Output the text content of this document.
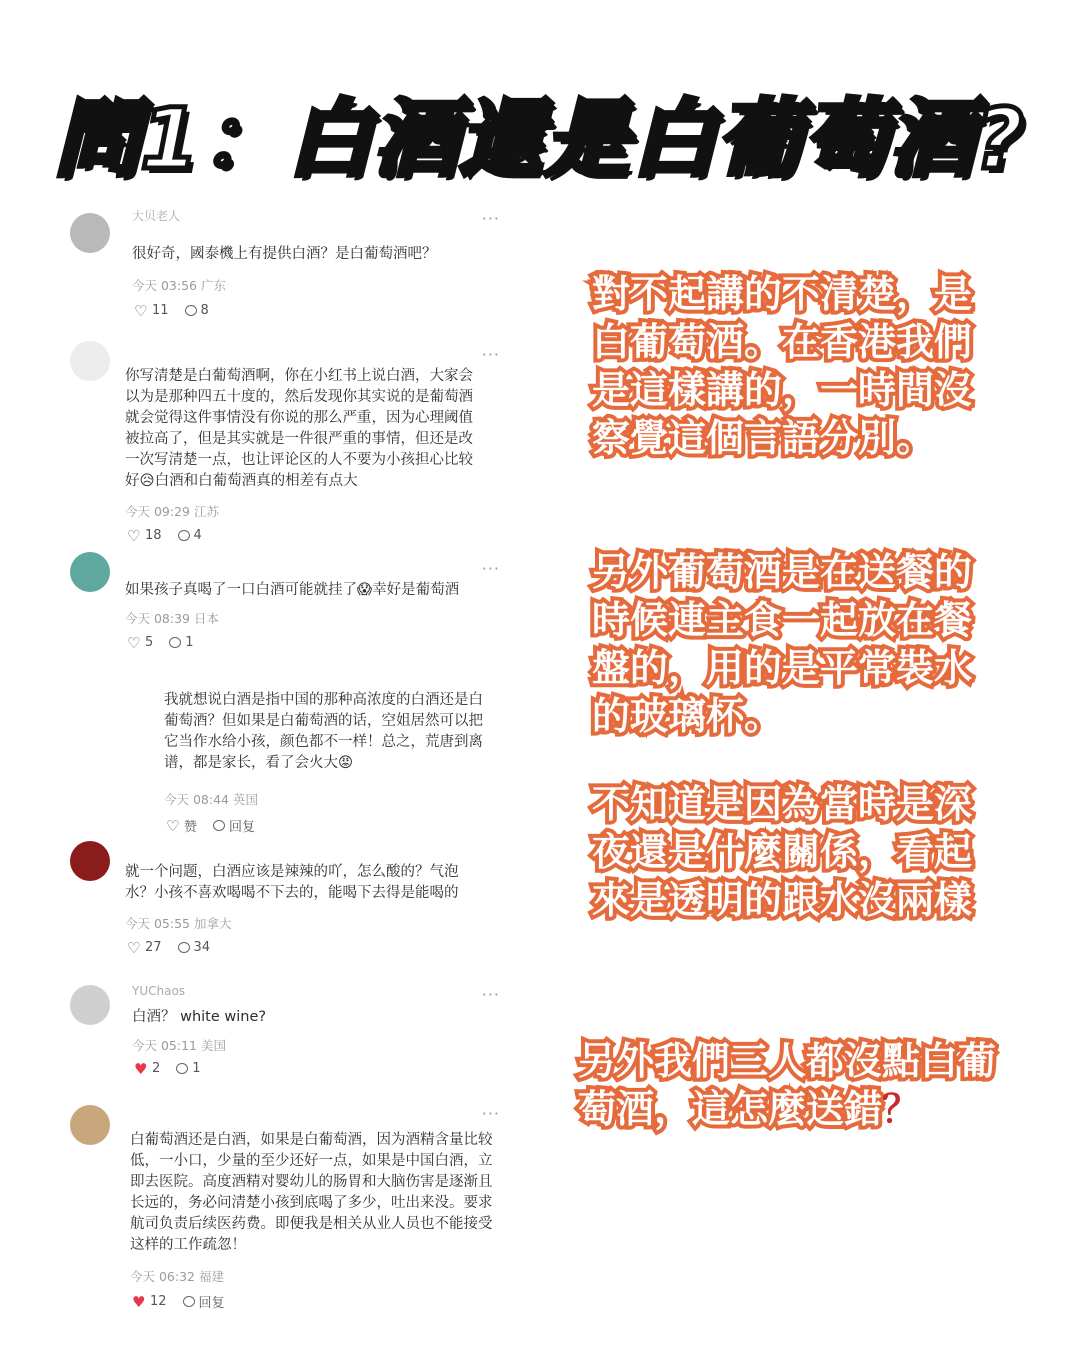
問1：白酒還是白葡萄酒?
大贝老人	···
很好奇，國泰機上有提供白酒？是白葡萄酒吧？
今天 03:56 广东
♡ 11 8
···
你写清楚是白葡萄酒啊，你在小红书上说白酒，大家会以为是那种四五十度的，然后发现你其实说的是葡萄酒就会觉得这件事情没有你说的那么严重，因为心理阈值被拉高了，但是其实就是一件很严重的事情，但还是改一次写清楚一点，也让评论区的人不要为小孩担心比较好😥白酒和白葡萄酒真的相差有点大
今天 09:29 江苏
♡ 18 4
···
如果孩子真喝了一口白酒可能就挂了😱幸好是葡萄酒
今天 08:39 日本
♡ 5 1
我就想说白酒是指中国的那种高浓度的白酒还是白葡萄酒？但如果是白葡萄酒的话，空姐居然可以把它当作水给小孩，颜色都不一样！总之，荒唐到离谱，都是家长，看了会火大😡
今天 08:44 英国
♡ 赞 回复
就一个问题，白酒应该是辣辣的吖，怎么酸的？气泡水？小孩不喜欢喝喝不下去的，能喝下去得是能喝的
今天 05:55 加拿大
♡ 27 34
YUChaos	···
白酒？ white wine?
今天 05:11 美国
♥ 2 1
···
白葡萄酒还是白酒，如果是白葡萄酒，因为酒精含量比较低，一小口，少量的至少还好一点，如果是中国白酒，立即去医院。高度酒精对婴幼儿的肠胃和大脑伤害是逐渐且长远的，务必问清楚小孩到底喝了多少，吐出来没。要求航司负责后续医药费。即便我是相关从业人员也不能接受这样的工作疏忽！
今天 06:32 福建
♥ 12 回复
對不起講的不清楚，是白葡萄酒。在香港我們是這樣講的，一時間沒察覺這個言語分別。
另外葡萄酒是在送餐的時候連主食一起放在餐盤的，用的是平常裝水的玻璃杯。
不知道是因為當時是深夜還是什麼關係，看起來是透明的跟水沒兩樣
另外我們三人都沒點白葡萄酒，這怎麼送錯？
